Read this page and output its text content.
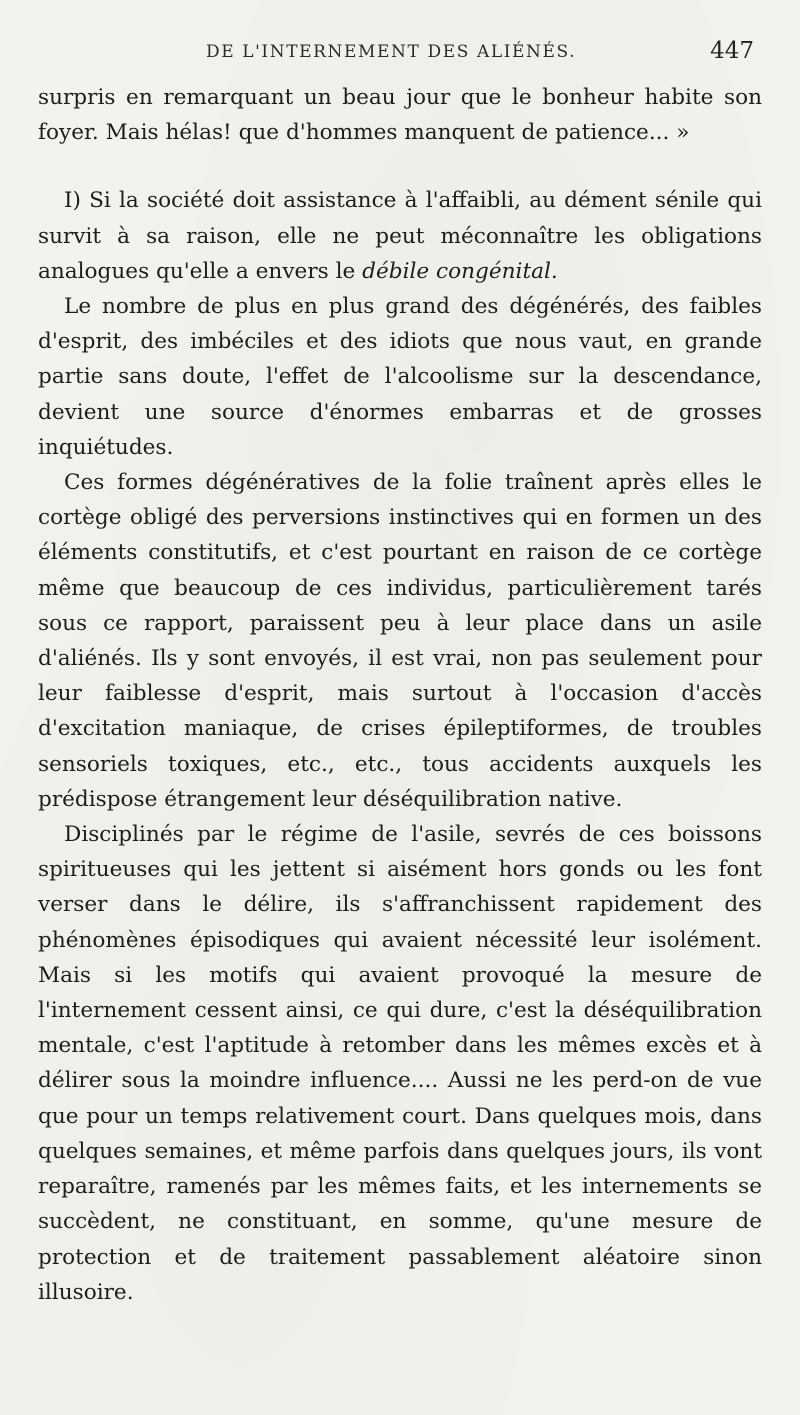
DE L'INTERNEMENT DES ALIÉNÉS.	447

surpris en remarquant un beau jour que le bonheur habite son foyer. Mais hélas! que d'hommes manquent de patience... »

I) Si la société doit assistance à l'affaibli, au dément sénile qui survit à sa raison, elle ne peut méconnaître les obligations analogues qu'elle a envers le débile congénital.

Le nombre de plus en plus grand des dégénérés, des faibles d'esprit, des imbéciles et des idiots que nous vaut, en grande partie sans doute, l'effet de l'alcoolisme sur la descendance, devient une source d'énormes embarras et de grosses inquiétudes.

Ces formes dégénératives de la folie traînent après elles le cortège obligé des perversions instinctives qui en formen un des éléments constitutifs, et c'est pourtant en raison de ce cortège même que beaucoup de ces individus, particulièrement tarés sous ce rapport, paraissent peu à leur place dans un asile d'aliénés. Ils y sont envoyés, il est vrai, non pas seulement pour leur faiblesse d'esprit, mais surtout à l'occasion d'accès d'excitation maniaque, de crises épileptiformes, de troubles sensoriels toxiques, etc., etc., tous accidents auxquels les prédispose étrangement leur déséquilibration native.

Disciplinés par le régime de l'asile, sevrés de ces boissons spiritueuses qui les jettent si aisément hors gonds ou les font verser dans le délire, ils s'affranchissent rapidement des phénomènes épisodiques qui avaient nécessité leur isolément. Mais si les motifs qui avaient provoqué la mesure de l'internement cessent ainsi, ce qui dure, c'est la déséquilibration mentale, c'est l'aptitude à retomber dans les mêmes excès et à délirer sous la moindre influence.... Aussi ne les perd-on de vue que pour un temps relativement court. Dans quelques mois, dans quelques semaines, et même parfois dans quelques jours, ils vont reparaître, ramenés par les mêmes faits, et les internements se succèdent, ne constituant, en somme, qu'une mesure de protection et de traitement passablement aléatoire sinon illusoire.
